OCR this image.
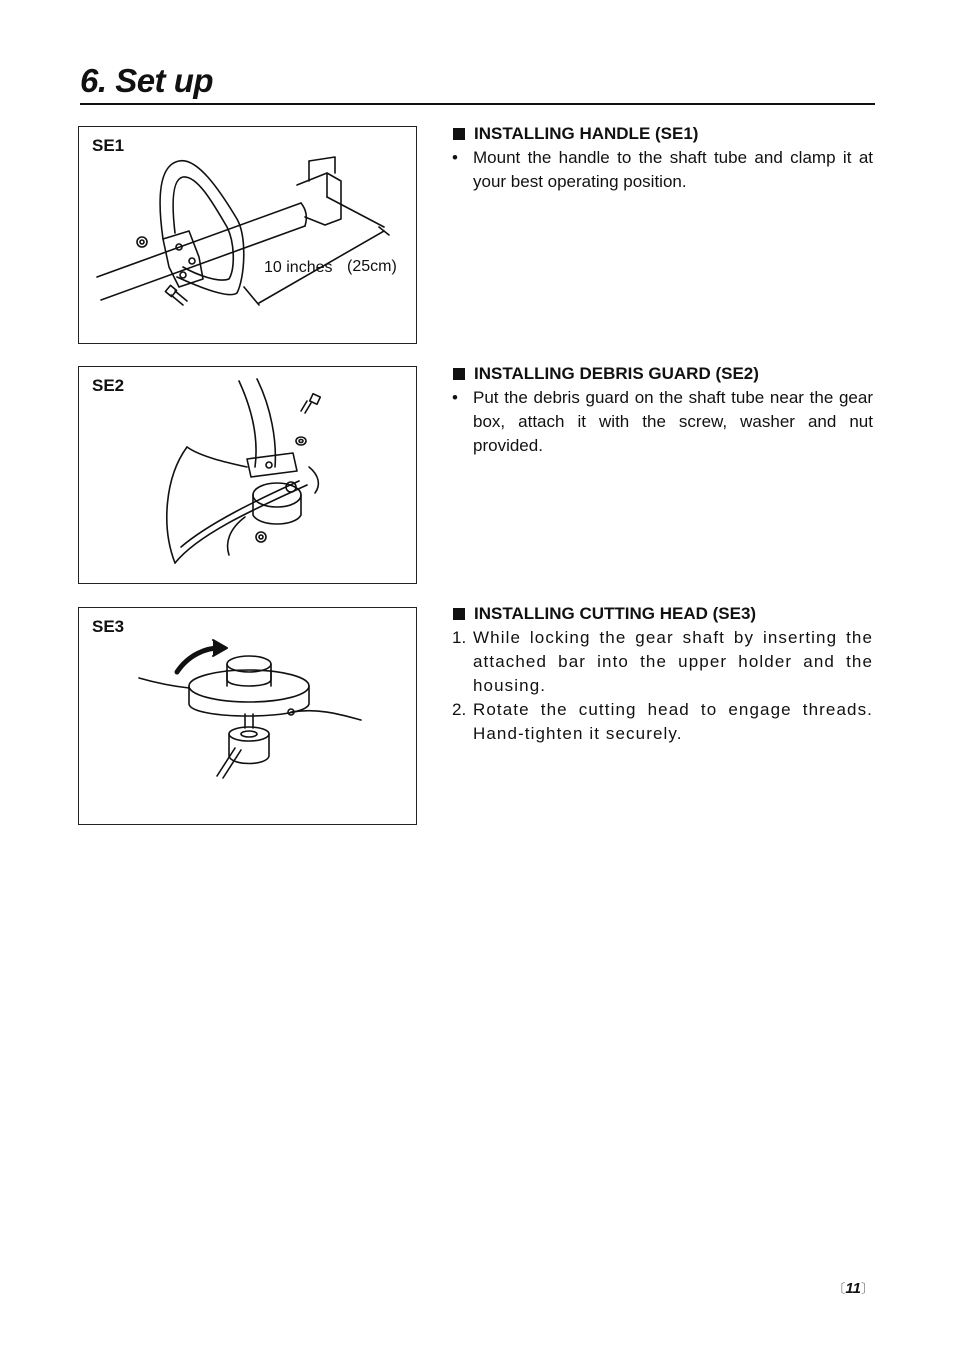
6. Set up
SE1
10 inches (25cm)
SE2
SE3
INSTALLING HANDLE (SE1)
• Mount the handle to the shaft tube and clamp it at your best operating position.
INSTALLING DEBRIS GUARD (SE2)
• Put the debris guard on the shaft tube near the gear box, attach it with the screw, washer and nut provided.
INSTALLING CUTTING HEAD (SE3)
1. While locking the gear shaft by inserting the attached bar into the upper holder and the housing.
2. Rotate the cutting head to engage threads. Hand-tighten it securely.
〔11〕
